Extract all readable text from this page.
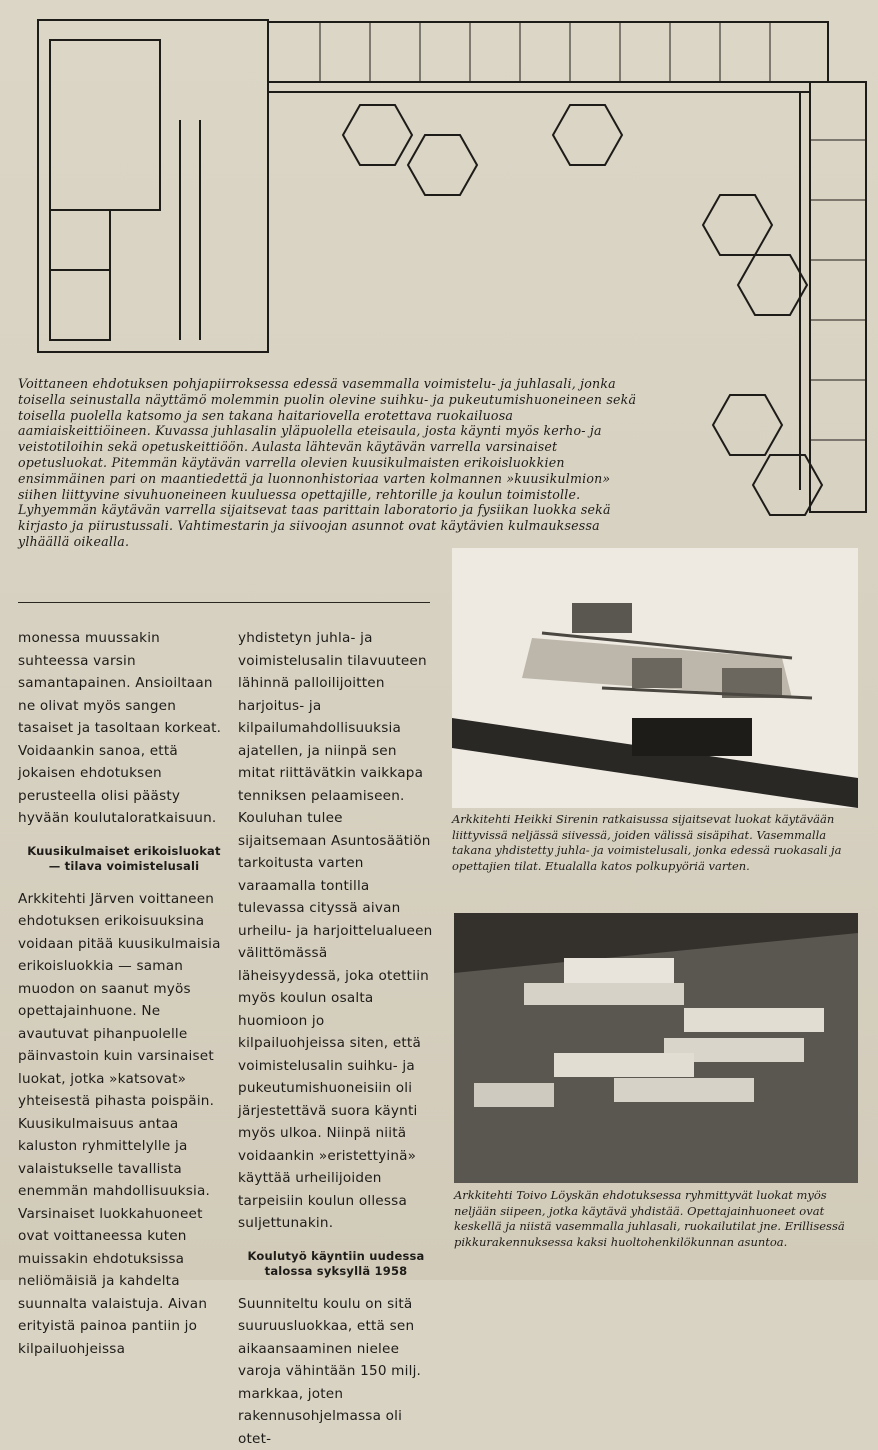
Voittaneen ehdotuksen pohjapiirroksessa edessä vasemmalla voimistelu- ja juhlasali, jonka toisella seinustalla näyttämö molemmin puolin olevine suihku- ja pukeutumishuoneineen sekä toisella puolella katsomo ja sen takana haitariovella erotettava ruokailuosa aamiaiskeittiöineen. Kuvassa juhlasalin yläpuolella eteisaula, josta käynti myös kerho- ja veistotiloihin sekä opetuskeittiöön. Aulasta lähtevän käytävän varrella varsinaiset opetusluokat. Pitemmän käytävän varrella olevien kuusikulmaisten erikoisluokkien ensimmäinen pari on maantiedettä ja luonnonhistoriaa varten kolmannen »kuusikulmion» siihen liittyvine sivuhuoneineen kuuluessa opettajille, rehtorille ja koulun toimistolle. Lyhyemmän käytävän varrella sijaitsevat taas parittain laboratorio ja fysiikan luokka sekä kirjasto ja piirustussali. Vahtimestarin ja siivoojan asunnot ovat käytävien kulmauksessa ylhäällä oikealla.

monessa muussakin suhteessa varsin samantapainen. Ansioiltaan ne olivat myös sangen tasaiset ja tasoltaan korkeat. Voidaankin sanoa, että jokaisen ehdotuksen perusteella olisi päästy hyvään koulutaloratkaisuun.

Kuusikulmaiset erikoisluokat
— tilava voimistelusali

Arkkitehti Järven voittaneen ehdotuksen erikoisuuksina voidaan pitää kuusikulmaisia erikoisluokkia — saman muodon on saanut myös opettajainhuone. Ne avautuvat pihanpuolelle päinvastoin kuin varsinaiset luokat, jotka »katsovat» yhteisestä pihasta poispäin. Kuusikulmaisuus antaa kaluston ryhmittelylle ja valaistukselle tavallista enemmän mahdollisuuksia. Varsinaiset luokkahuoneet ovat voittaneessa kuten muissakin ehdotuksissa neliömäisiä ja kahdelta suunnalta valaistuja. Aivan erityistä painoa pantiin jo kilpailuohjeissa

yhdistetyn juhla- ja voimistelusalin tilavuuteen lähinnä palloilijoitten harjoitus- ja kilpailumahdollisuuksia ajatellen, ja niinpä sen mitat riittävätkin vaikkapa tenniksen pelaamiseen. Kouluhan tulee sijaitsemaan Asuntosäätiön tarkoitusta varten varaamalla tontilla tulevassa cityssä aivan urheilu- ja harjoittelualueen välittömässä läheisyydessä, joka otettiin myös koulun osalta huomioon jo kilpailuohjeissa siten, että voimistelusalin suihku- ja pukeutumishuoneisiin oli järjestettävä suora käynti myös ulkoa. Niinpä niitä voidaankin »eristettyinä» käyttää urheilijoiden tarpeisiin koulun ollessa suljettunakin.

Koulutyö käyntiin uudessa
talossa syksyllä 1958

Suunniteltu koulu on sitä suuruusluokkaa, että sen aikaansaaminen nielee varoja vähintään 150 milj. markkaa, joten rakennusohjelmassa oli otet-

Arkkitehti Heikki Sirenin ratkaisussa sijaitsevat luokat käytävään liittyvissä neljässä siivessä, joiden välissä sisäpihat. Vasemmalla takana yhdistetty juhla- ja voimistelusali, jonka edessä ruokasali ja opettajien tilat. Etualalla katos polkupyöriä varten.

Arkkitehti Toivo Löyskän ehdotuksessa ryhmittyvät luokat myös neljään siipeen, jotka käytävä yhdistää. Opettajainhuoneet ovat keskellä ja niistä vasemmalla juhlasali, ruokailutilat jne. Erillisessä pikkurakennuksessa kaksi huoltohenkilökunnan asuntoa.
